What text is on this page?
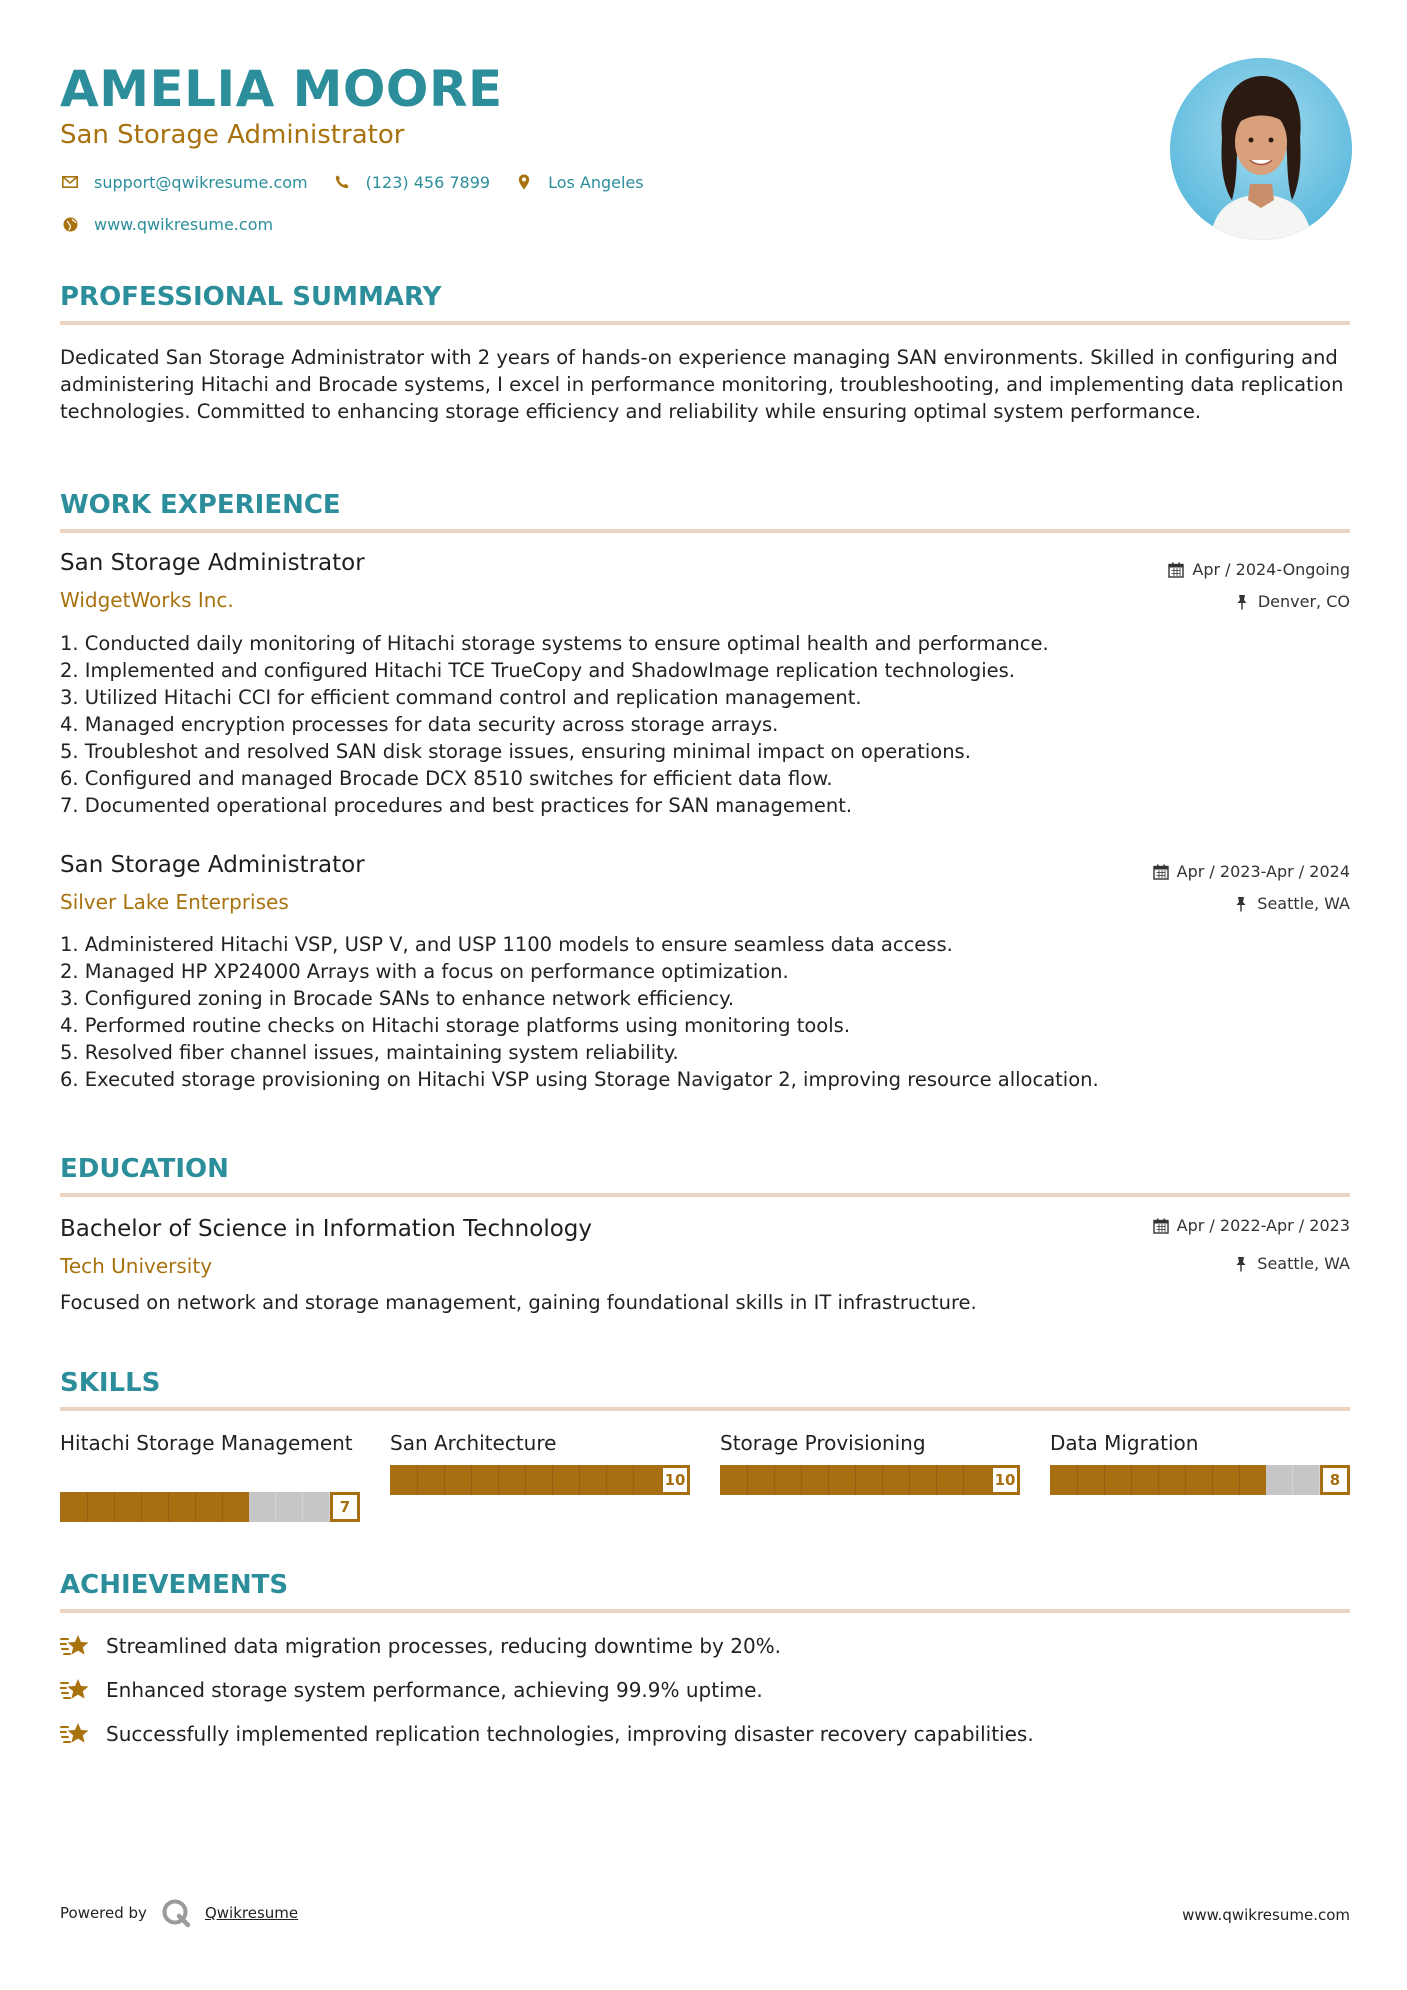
AMELIA MOORE
San Storage Administrator
support@qwikresume.com	(123) 456 7899	Los Angeles
www.qwikresume.com
PROFESSIONAL SUMMARY
Dedicated San Storage Administrator with 2 years of hands-on experience managing SAN environments. Skilled in configuring and administering Hitachi and Brocade systems, I excel in performance monitoring, troubleshooting, and implementing data replication technologies. Committed to enhancing storage efficiency and reliability while ensuring optimal system performance.
WORK EXPERIENCE
San Storage Administrator	Apr / 2024-Ongoing
WidgetWorks Inc.	Denver, CO
1. Conducted daily monitoring of Hitachi storage systems to ensure optimal health and performance.
2. Implemented and configured Hitachi TCE TrueCopy and ShadowImage replication technologies.
3. Utilized Hitachi CCI for efficient command control and replication management.
4. Managed encryption processes for data security across storage arrays.
5. Troubleshot and resolved SAN disk storage issues, ensuring minimal impact on operations.
6. Configured and managed Brocade DCX 8510 switches for efficient data flow.
7. Documented operational procedures and best practices for SAN management.
San Storage Administrator	Apr / 2023-Apr / 2024
Silver Lake Enterprises	Seattle, WA
1. Administered Hitachi VSP, USP V, and USP 1100 models to ensure seamless data access.
2. Managed HP XP24000 Arrays with a focus on performance optimization.
3. Configured zoning in Brocade SANs to enhance network efficiency.
4. Performed routine checks on Hitachi storage platforms using monitoring tools.
5. Resolved fiber channel issues, maintaining system reliability.
6. Executed storage provisioning on Hitachi VSP using Storage Navigator 2, improving resource allocation.
EDUCATION
Bachelor of Science in Information Technology	Apr / 2022-Apr / 2023
Tech University	Seattle, WA
Focused on network and storage management, gaining foundational skills in IT infrastructure.
SKILLS
Hitachi Storage Management
7
San Architecture
10
Storage Provisioning
10
Data Migration
8
ACHIEVEMENTS
Streamlined data migration processes, reducing downtime by 20%.
Enhanced storage system performance, achieving 99.9% uptime.
Successfully implemented replication technologies, improving disaster recovery capabilities.
Powered by	Qwikresume	www.qwikresume.com
